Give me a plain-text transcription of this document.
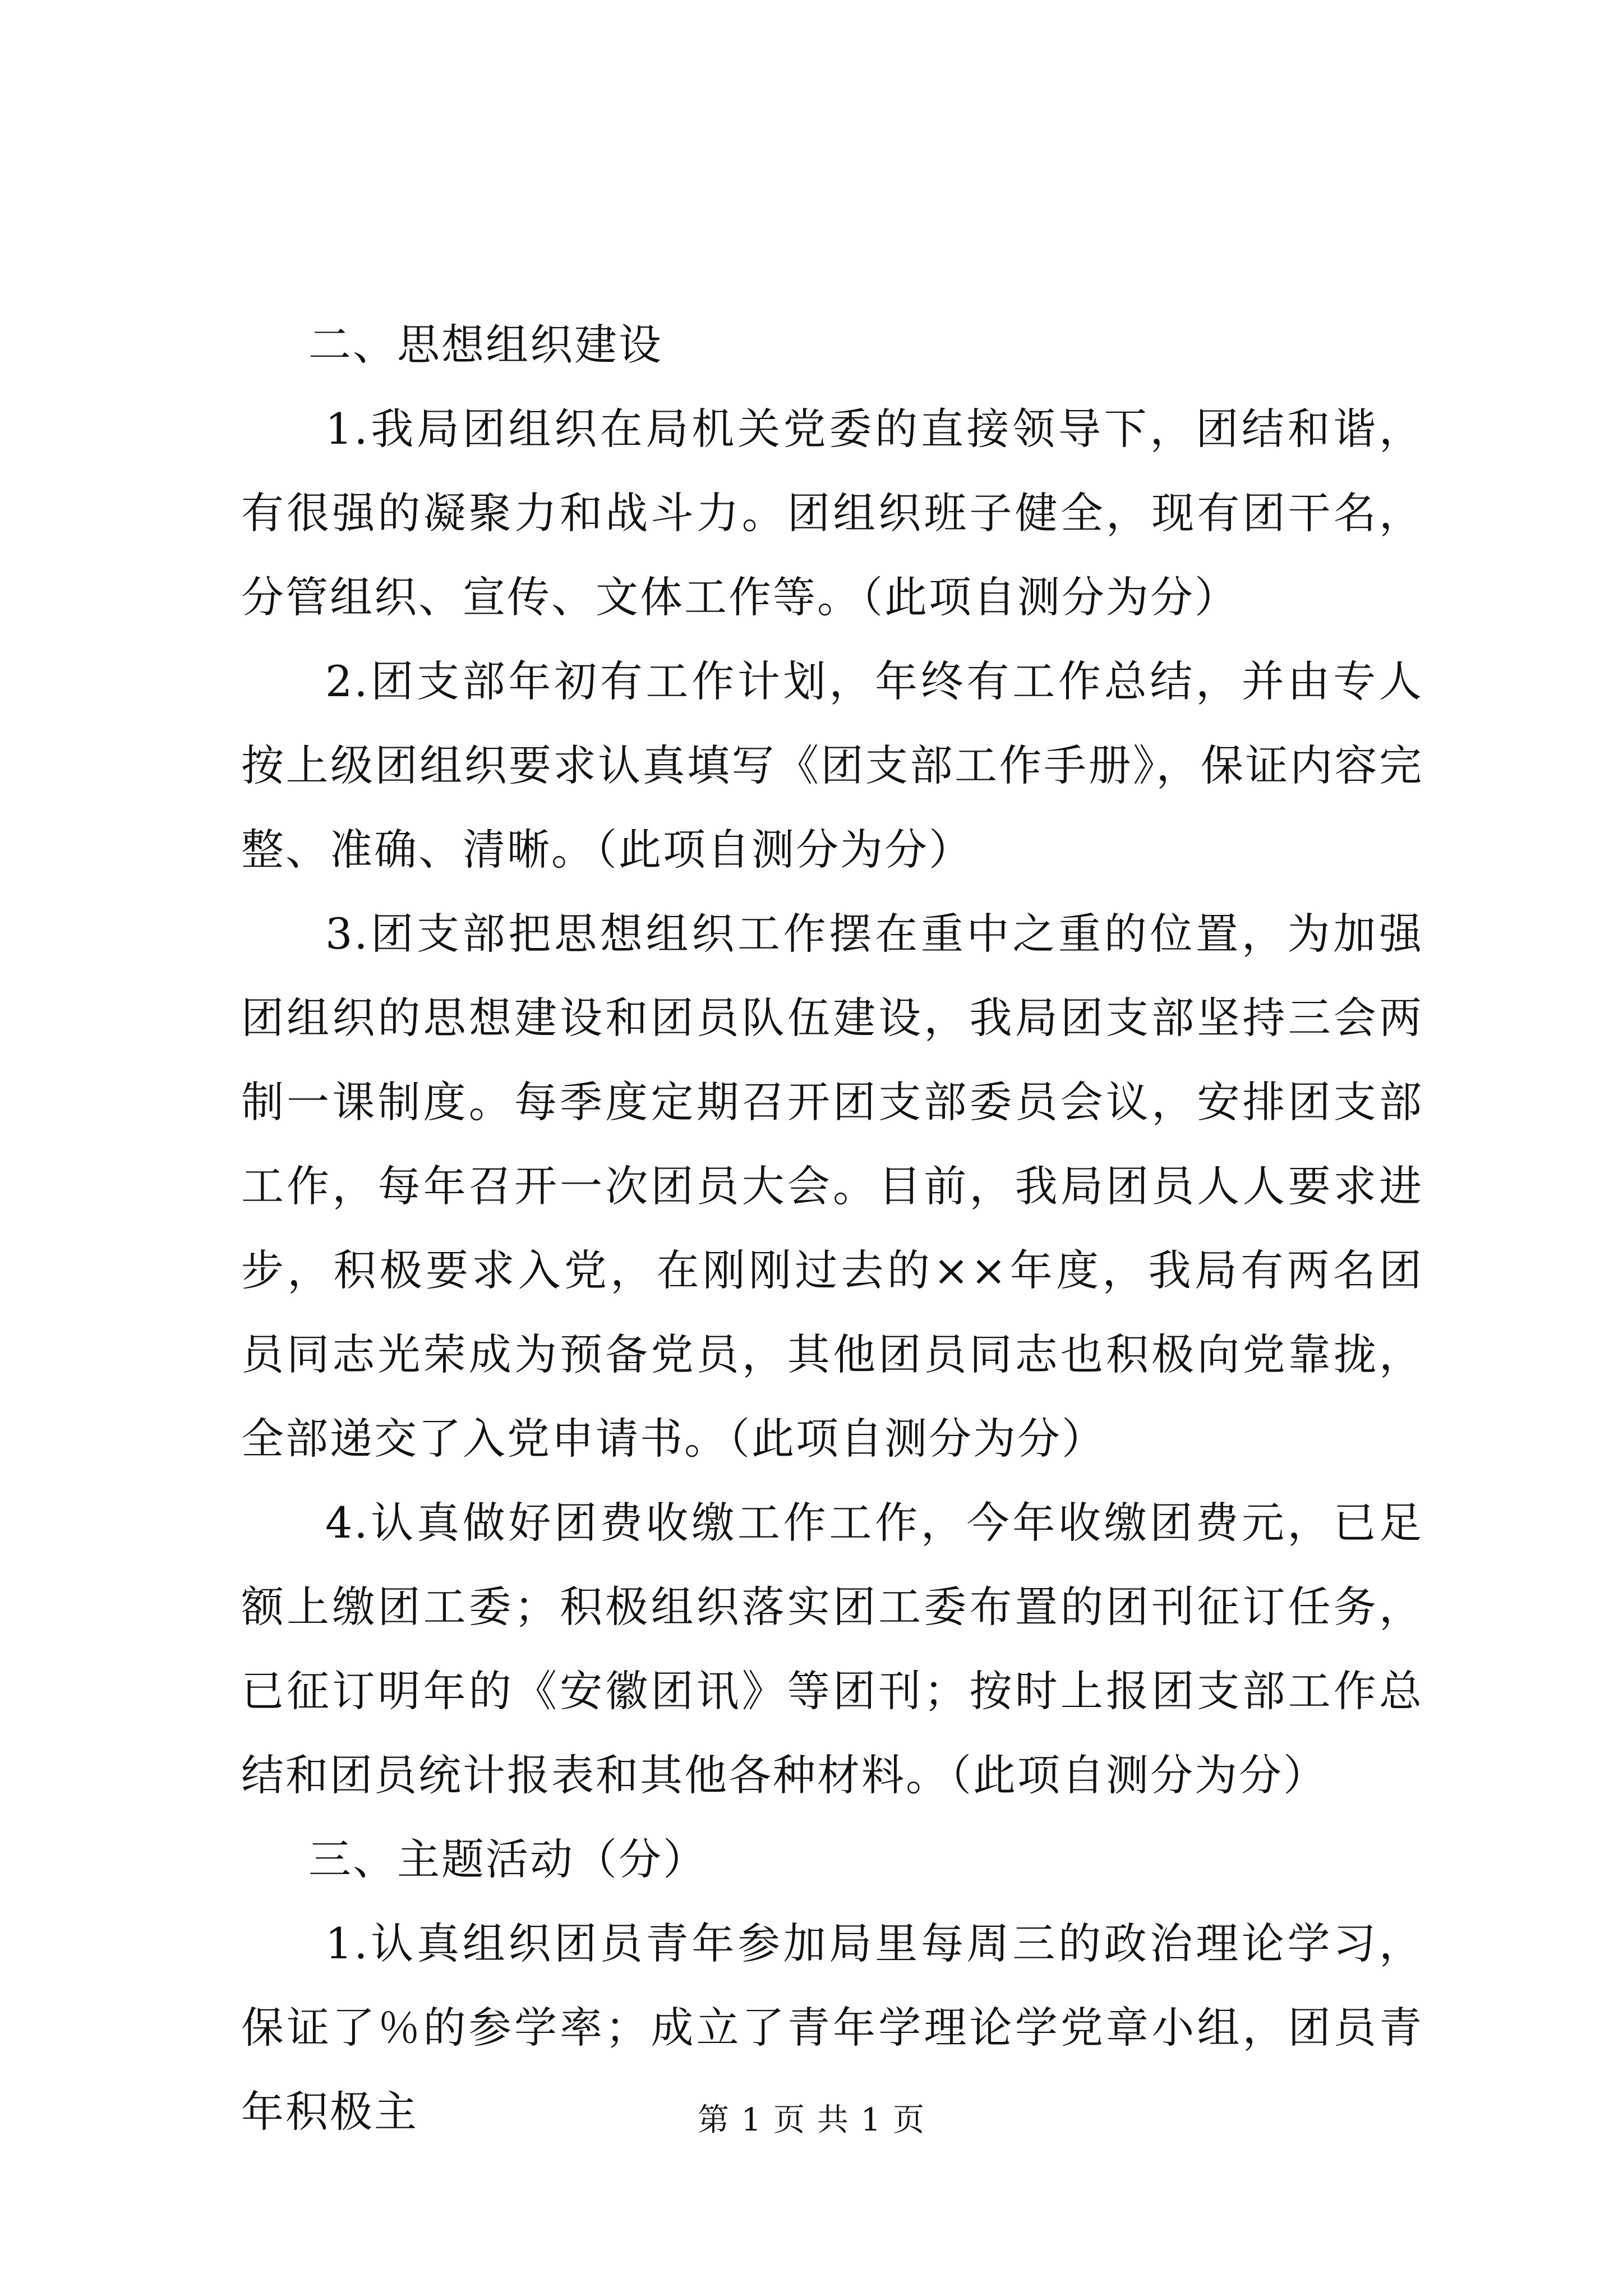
二、思想组织建设

1.我局团组织在局机关党委的直接领导下，团结和谐，有很强的凝聚力和战斗力。团组织班子健全，现有团干名，分管组织、宣传、文体工作等。（此项自测分为分）

2.团支部年初有工作计划，年终有工作总结，并由专人按上级团组织要求认真填写《团支部工作手册》，保证内容完整、准确、清晰。（此项自测分为分）

3.团支部把思想组织工作摆在重中之重的位置，为加强团组织的思想建设和团员队伍建设，我局团支部坚持三会两制一课制度。每季度定期召开团支部委员会议，安排团支部工作，每年召开一次团员大会。目前，我局团员人人要求进步，积极要求入党，在刚刚过去的××年度，我局有两名团员同志光荣成为预备党员，其他团员同志也积极向党靠拢，全部递交了入党申请书。（此项自测分为分）

4.认真做好团费收缴工作工作，今年收缴团费元，已足额上缴团工委；积极组织落实团工委布置的团刊征订任务，已征订明年的《安徽团讯》等团刊；按时上报团支部工作总结和团员统计报表和其他各种材料。（此项自测分为分）

三、主题活动（分）

1.认真组织团员青年参加局里每周三的政治理论学习，保证了％的参学率；成立了青年学理论学党章小组，团员青年积极主	第 1 页 共 1 页
